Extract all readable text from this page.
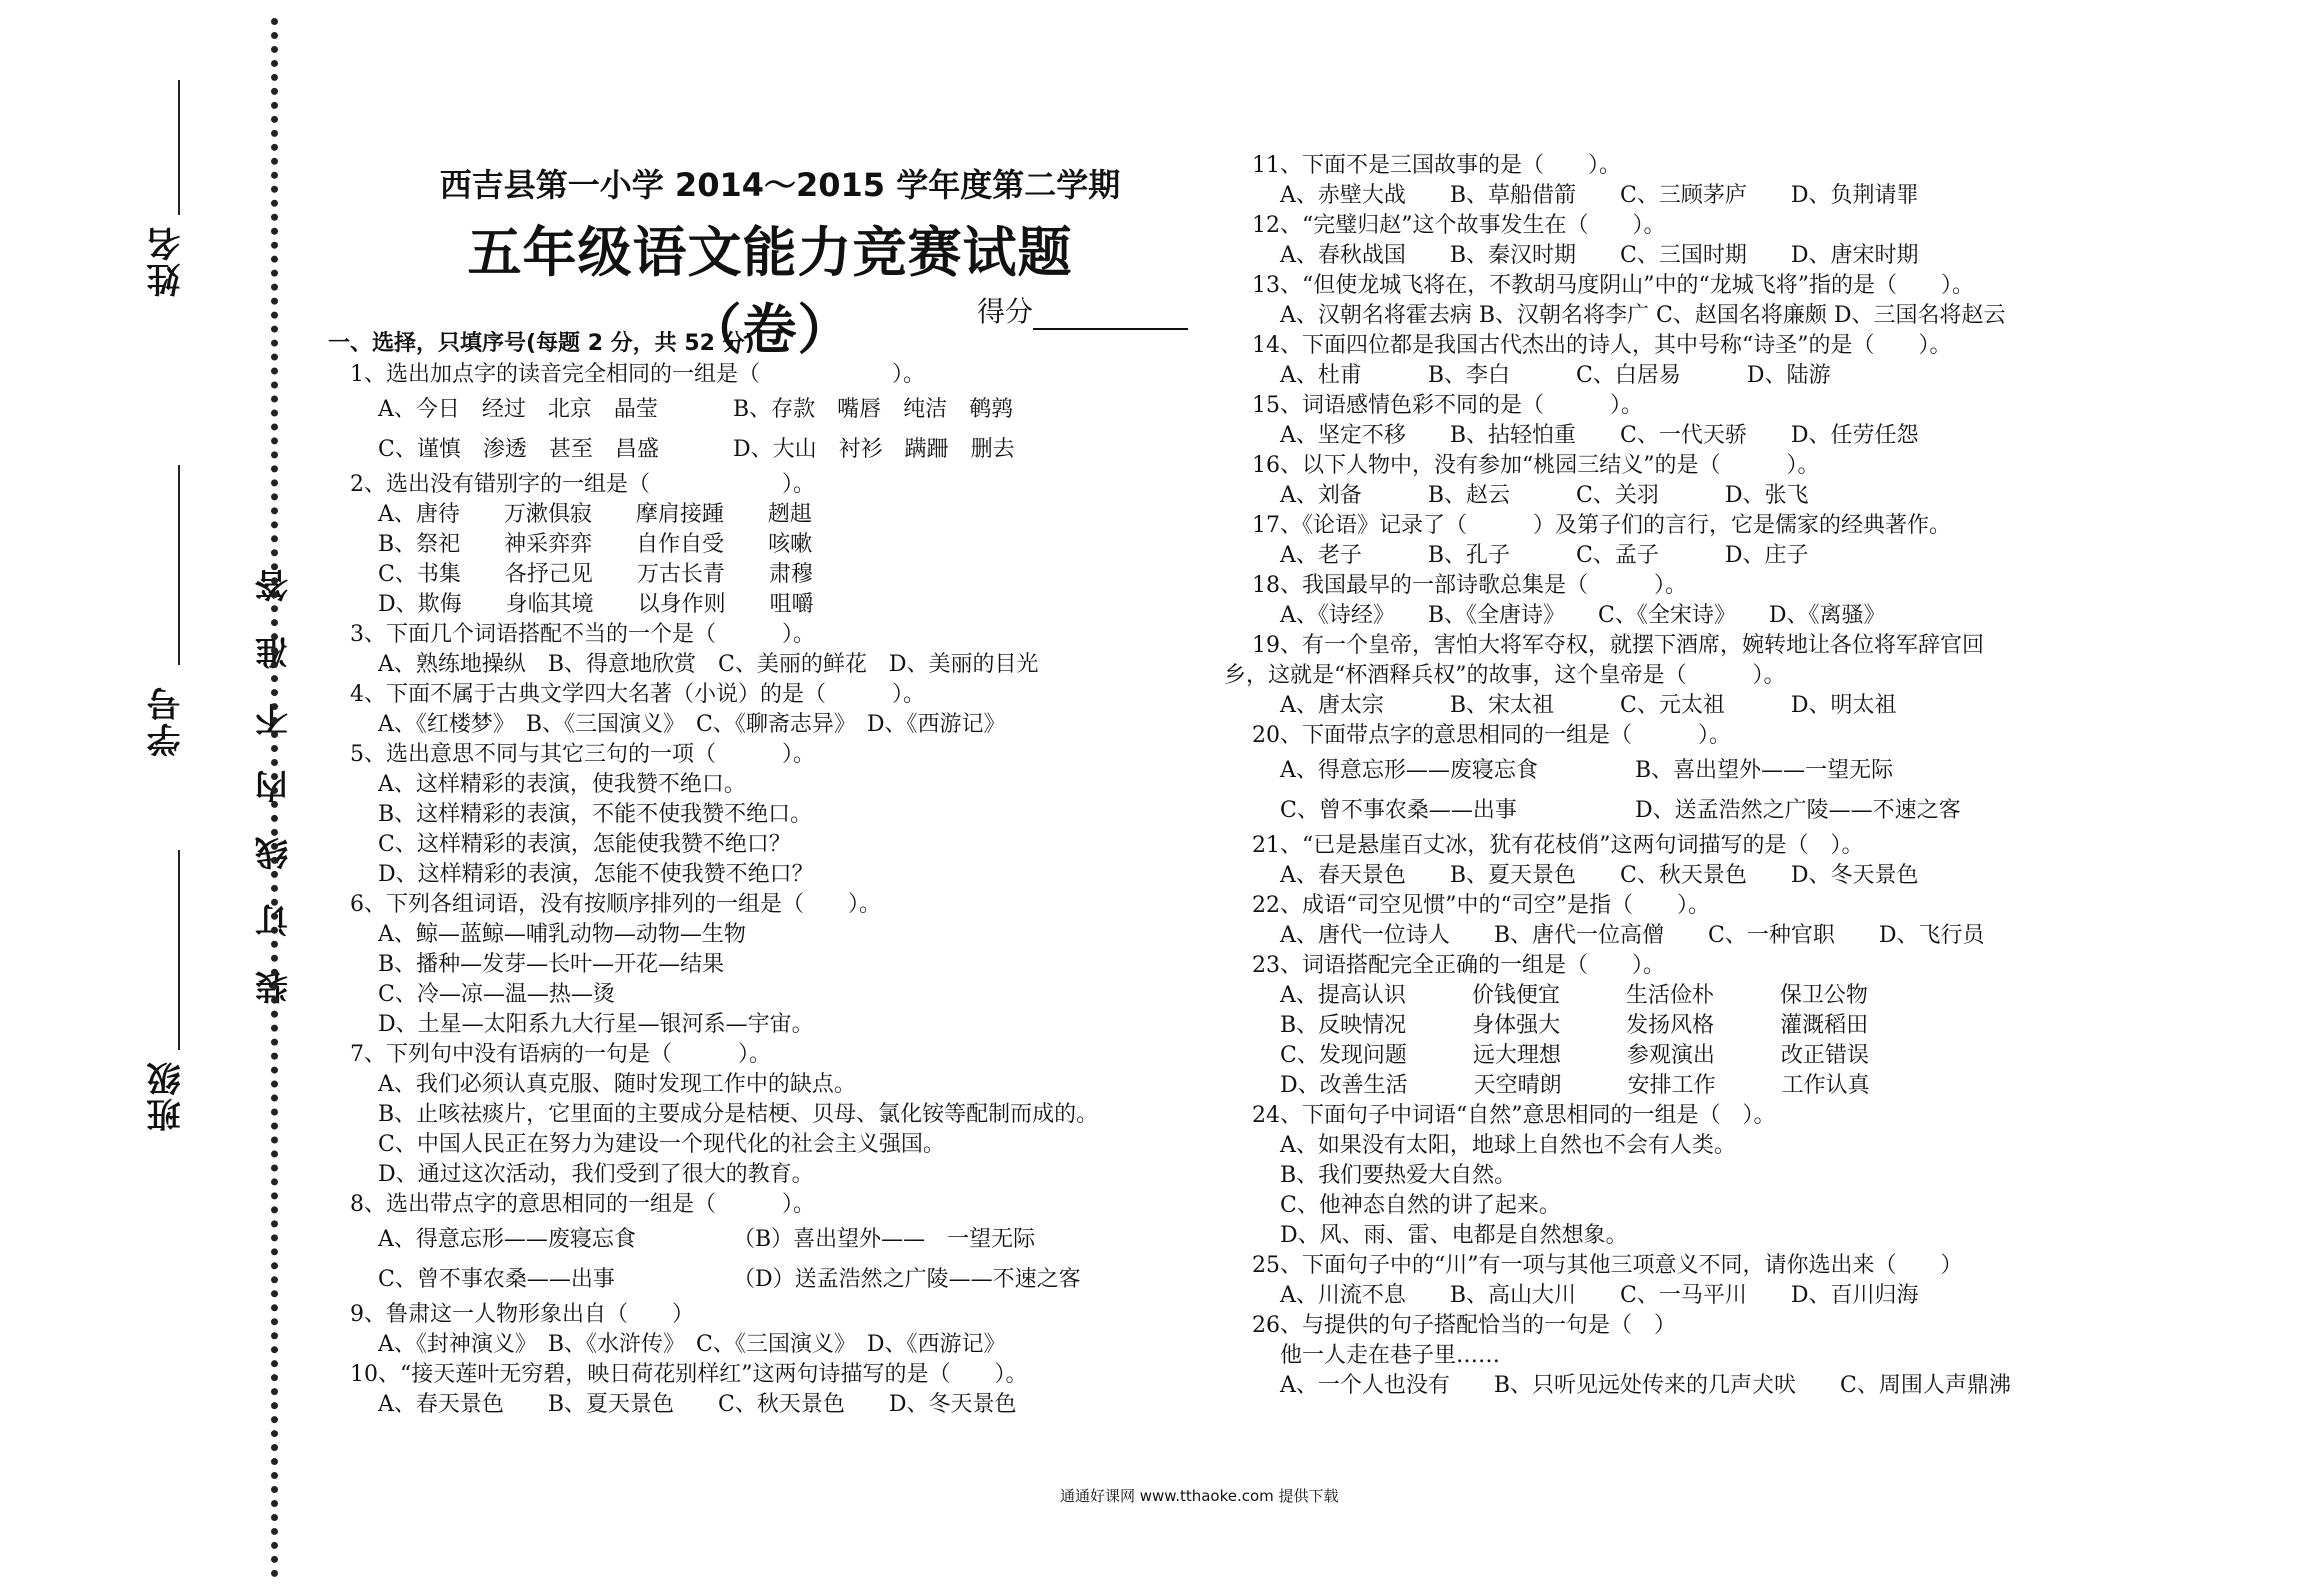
姓名
学号
班级
装订线内不准答
西吉县第一小学 2014～2015 学年度第二学期
五年级语文能力竞赛试题（卷）	得分
一、选择，只填序号(每题 2 分，共 52 分)
1、选出加点字的读音完全相同的一组是（　　　　　　）。
A、今日　经过　北京　晶莹	B、存款　嘴唇　纯洁　鹌鹑
C、谨慎　渗透　甚至　昌盛	D、大山　衬衫　蹒跚　删去
2、选出没有错别字的一组是（　　　　　　）。
A、唐待　　万漱俱寂　　摩肩接踵　　趔趄
B、祭祀　　神采弈弈　　自作自受　　咳嗽
C、书集　　各抒己见　　万古长青　　肃穆
D、欺侮　　身临其境　　以身作则　　咀嚼
3、下面几个词语搭配不当的一个是（　　　）。
A、熟练地操纵　B、得意地欣赏　C、美丽的鲜花　D、美丽的目光
4、下面不属于古典文学四大名著（小说）的是（　　　）。
A、《红楼梦》　B、《三国演义》　C、《聊斋志异》　D、《西游记》
5、选出意思不同与其它三句的一项（　　　）。
A、这样精彩的表演，使我赞不绝口。
B、这样精彩的表演，不能不使我赞不绝口。
C、这样精彩的表演，怎能使我赞不绝口？
D、这样精彩的表演，怎能不使我赞不绝口？
6、下列各组词语，没有按顺序排列的一组是（　　）。
A、鲸—蓝鲸—哺乳动物—动物—生物
B、播种—发芽—长叶—开花—结果
C、冷—凉—温—热—烫
D、土星—太阳系九大行星—银河系—宇宙。
7、下列句中没有语病的一句是（　　　）。
A、我们必须认真克服、随时发现工作中的缺点。
B、止咳祛痰片，它里面的主要成分是桔梗、贝母、氯化铵等配制而成的。
C、中国人民正在努力为建设一个现代化的社会主义强国。
D、通过这次活动，我们受到了很大的教育。
8、选出带点字的意思相同的一组是（　　　）。
A、得意忘形——废寝忘食	（B）喜出望外——　一望无际
C、曾不事农桑——出事	（D）送孟浩然之广陵——不速之客
9、鲁肃这一人物形象出自（　　）
A、《封神演义》　B、《水浒传》　C、《三国演义》　D、《西游记》
10、“接天莲叶无穷碧，映日荷花别样红”这两句诗描写的是（　　）。
A、春天景色　　B、夏天景色　　C、秋天景色　　D、冬天景色
11、下面不是三国故事的是（　　）。
A、赤壁大战　　B、草船借箭　　C、三顾茅庐　　D、负荆请罪
12、“完璧归赵”这个故事发生在（　　）。
A、春秋战国　　B、秦汉时期　　C、三国时期　　D、唐宋时期
13、“但使龙城飞将在，不教胡马度阴山”中的“龙城飞将”指的是（　　）。
A、汉朝名将霍去病 B、汉朝名将李广 C、赵国名将廉颇 D、三国名将赵云
14、下面四位都是我国古代杰出的诗人，其中号称“诗圣”的是（　　）。
A、杜甫　　　B、李白　　　C、白居易　　　D、陆游
15、词语感情色彩不同的是（　　　）。
A、坚定不移　　B、拈轻怕重　　C、一代天骄　　D、任劳任怨
16、以下人物中，没有参加“桃园三结义”的是（　　　）。
A、刘备　　　B、赵云　　　C、关羽　　　D、张飞
17、《论语》记录了（　　　）及第子们的言行，它是儒家的经典著作。
A、老子　　　B、孔子　　　C、孟子　　　D、庄子
18、我国最早的一部诗歌总集是（　　　）。
A、《诗经》　　B、《全唐诗》　　C、《全宋诗》　　D、《离骚》
19、有一个皇帝，害怕大将军夺权，就摆下酒席，婉转地让各位将军辞官回
乡，这就是“杯酒释兵权”的故事，这个皇帝是（　　　）。
A、唐太宗　　　B、宋太祖　　　C、元太祖　　　D、明太祖
20、下面带点字的意思相同的一组是（　　　）。
A、得意忘形——废寝忘食	B、喜出望外——一望无际
C、曾不事农桑——出事	D、送孟浩然之广陵——不速之客
21、“已是悬崖百丈冰，犹有花枝俏”这两句词描写的是（　）。
A、春天景色　　B、夏天景色　　C、秋天景色　　D、冬天景色
22、成语“司空见惯”中的“司空”是指（　　）。
A、唐代一位诗人　　B、唐代一位高僧　　C、一种官职　　D、飞行员
23、词语搭配完全正确的一组是（　　）。
A、提高认识　　　价钱便宜　　　生活俭朴　　　保卫公物
B、反映情况　　　身体强大　　　发扬风格　　　灌溉稻田
C、发现问题　　　远大理想　　　参观演出　　　改正错误
D、改善生活　　　天空晴朗　　　安排工作　　　工作认真
24、下面句子中词语“自然”意思相同的一组是（　）。
A、如果没有太阳，地球上自然也不会有人类。
B、我们要热爱大自然。
C、他神态自然的讲了起来。
D、风、雨、雷、电都是自然想象。
25、下面句子中的“川”有一项与其他三项意义不同，请你选出来（　　）
A、川流不息　　B、高山大川　　C、一马平川　　D、百川归海
26、与提供的句子搭配恰当的一句是（　）
他一人走在巷子里……
A、一个人也没有　　B、只听见远处传来的几声犬吠　　C、周围人声鼎沸
通通好课网 www.tthaoke.com 提供下载
